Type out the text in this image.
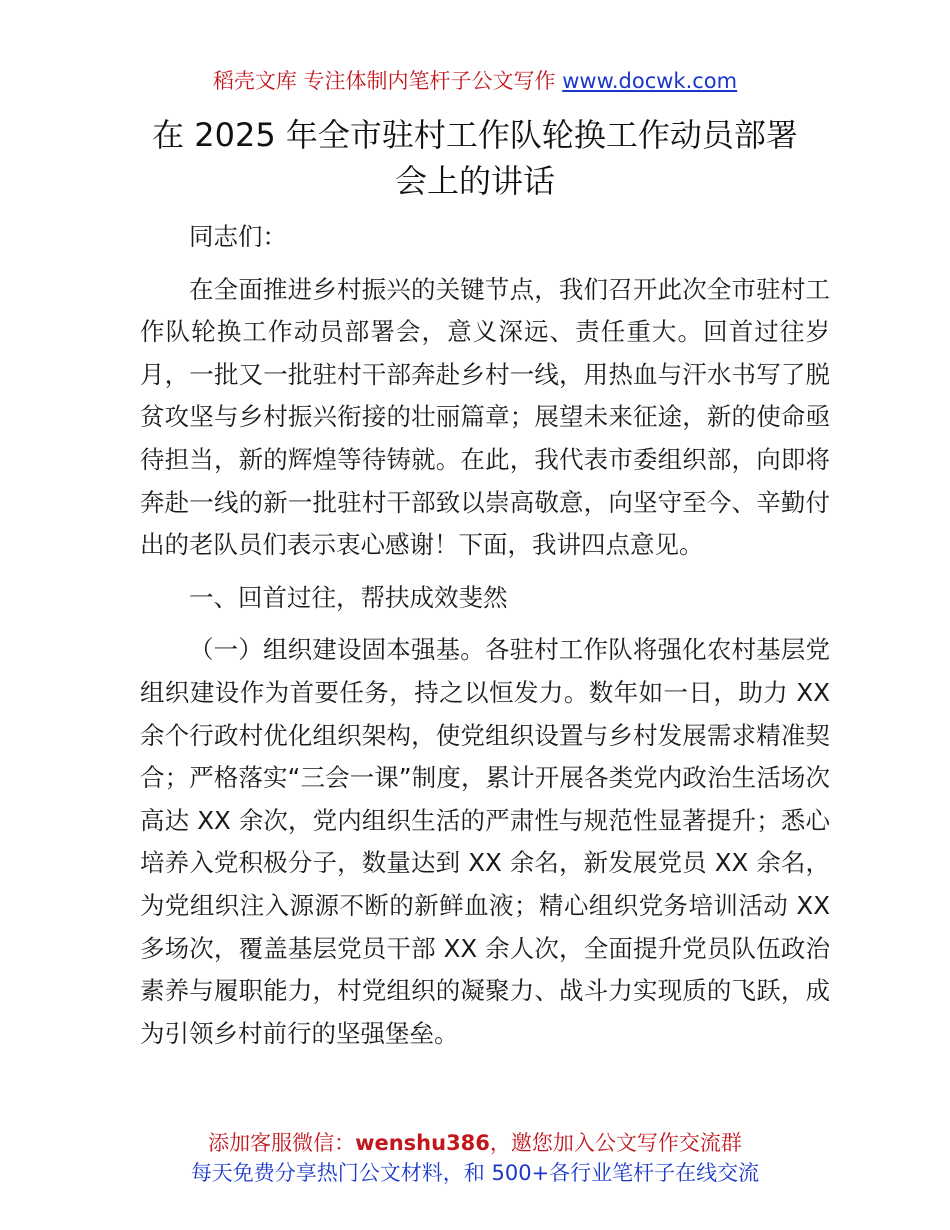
稻壳文库 专注体制内笔杆子公文写作 www.docwk.com
在 2025 年全市驻村工作队轮换工作动员部署
会上的讲话

同志们：

在全面推进乡村振兴的关键节点，我们召开此次全市驻村工作队轮换工作动员部署会，意义深远、责任重大。回首过往岁月，一批又一批驻村干部奔赴乡村一线，用热血与汗水书写了脱贫攻坚与乡村振兴衔接的壮丽篇章；展望未来征途，新的使命亟待担当，新的辉煌等待铸就。在此，我代表市委组织部，向即将奔赴一线的新一批驻村干部致以崇高敬意，向坚守至今、辛勤付出的老队员们表示衷心感谢！下面，我讲四点意见。

一、回首过往，帮扶成效斐然

（一）组织建设固本强基。各驻村工作队将强化农村基层党组织建设作为首要任务，持之以恒发力。数年如一日，助力 XX 余个行政村优化组织架构，使党组织设置与乡村发展需求精准契合；严格落实“三会一课”制度，累计开展各类党内政治生活场次高达 XX 余次，党内组织生活的严肃性与规范性显著提升；悉心培养入党积极分子，数量达到 XX 余名，新发展党员 XX 余名，为党组织注入源源不断的新鲜血液；精心组织党务培训活动 XX 多场次，覆盖基层党员干部 XX 余人次，全面提升党员队伍政治素养与履职能力，村党组织的凝聚力、战斗力实现质的飞跃，成为引领乡村前行的坚强堡垒。

添加客服微信：wenshu386，邀您加入公文写作交流群
每天免费分享热门公文材料，和 500+各行业笔杆子在线交流
